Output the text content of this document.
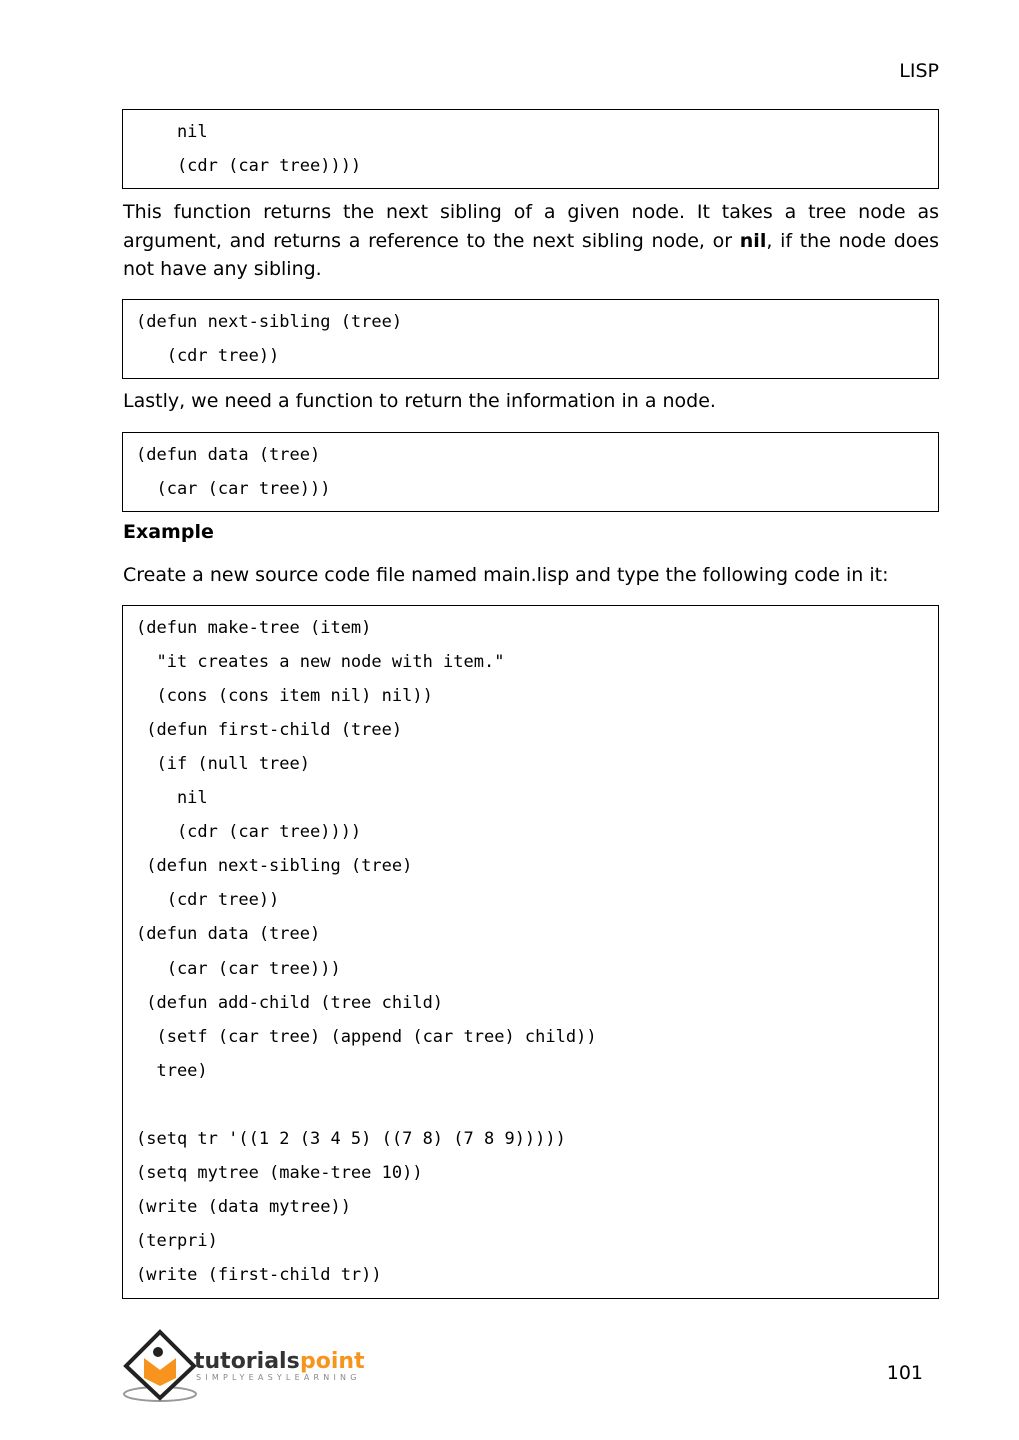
LISP
nil
(cdr (car tree))))
This function returns the next sibling of a given node. It takes a tree node as argument, and returns a reference to the next sibling node, or nil, if the node does not have any sibling.
(defun next-sibling (tree)
(cdr tree))
Lastly, we need a function to return the information in a node.
(defun data (tree)
(car (car tree)))
Example
Create a new source code file named main.lisp and type the following code in it:
(defun make-tree (item)
"it creates a new node with item."
(cons (cons item nil) nil))
(defun first-child (tree)
(if (null tree)
nil
(cdr (car tree))))
(defun next-sibling (tree)
(cdr tree))
(defun data (tree)
(car (car tree)))
(defun add-child (tree child)
(setf (car tree) (append (car tree) child))
tree)
(setq tr '((1 2 (3 4 5) ((7 8) (7 8 9)))))
(setq mytree (make-tree 10))
(write (data mytree))
(terpri)
(write (first-child tr))
tutorials point
SIMPLYEASYLEARNING	101
